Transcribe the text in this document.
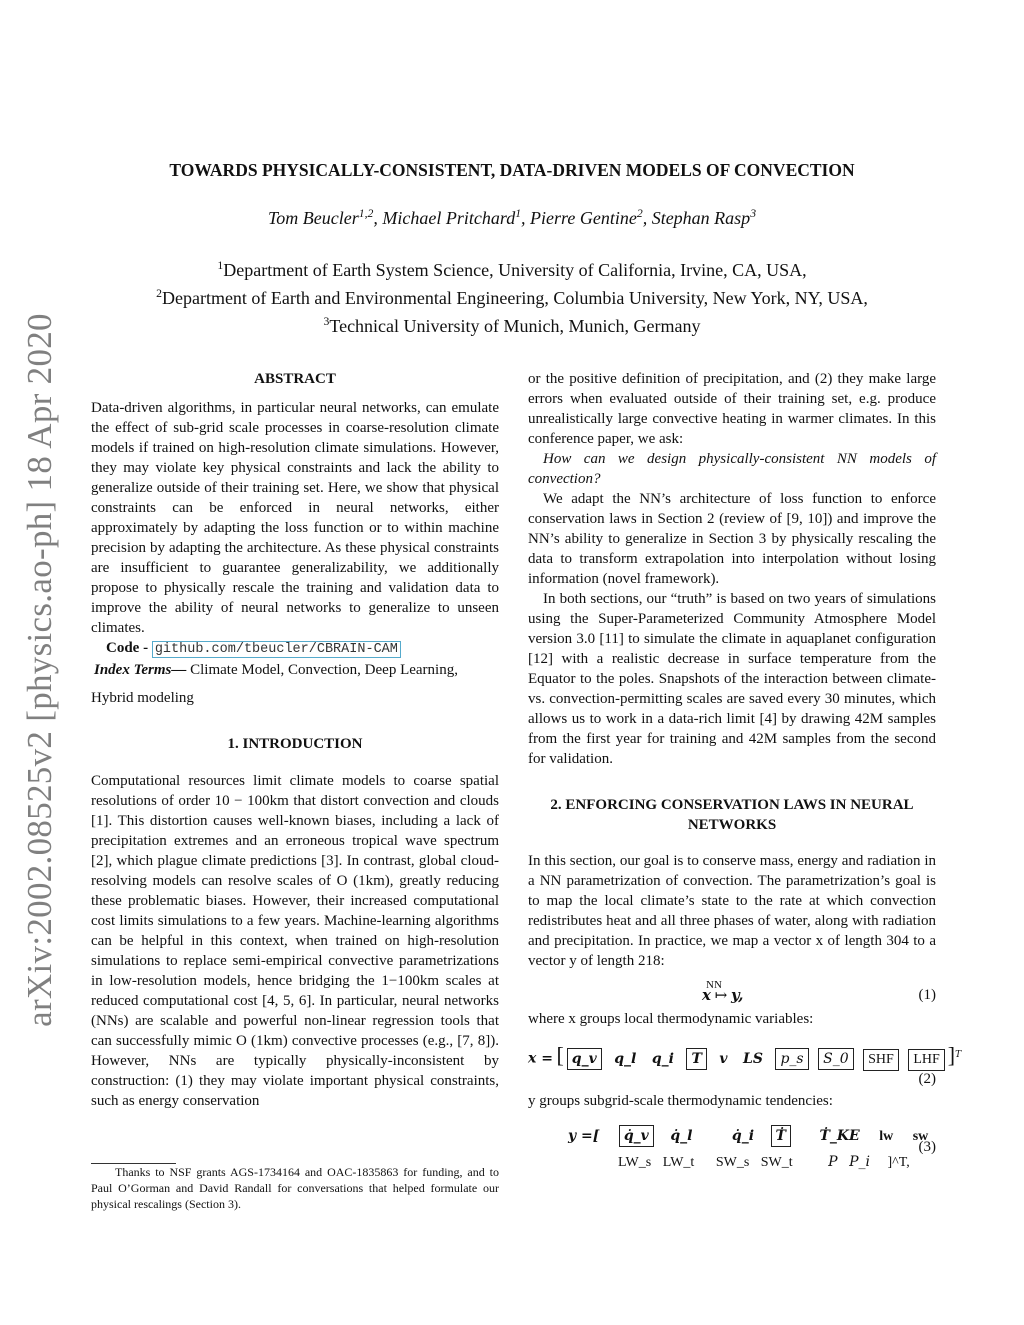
arXiv:2002.08525v2 [physics.ao-ph] 18 Apr 2020
TOWARDS PHYSICALLY-CONSISTENT, DATA-DRIVEN MODELS OF CONVECTION
Tom Beucler$^{1,2}$, Michael Pritchard$^1$, Pierre Gentine$^2$, Stephan Rasp$^3$
$^1$Department of Earth System Science, University of California, Irvine, CA, USA,
$^2$Department of Earth and Environmental Engineering, Columbia University, New York, NY, USA,
$^3$Technical University of Munich, Munich, Germany
ABSTRACT

Data-driven algorithms, in particular neural networks, can emulate the effect of sub-grid scale processes in coarse-resolution climate models if trained on high-resolution climate simulations. However, they may violate key physical constraints and lack the ability to generalize outside of their training set. Here, we show that physical constraints can be enforced in neural networks, either approximately by adapting the loss function or to within machine precision by adapting the architecture. As these physical constraints are insufficient to guarantee generalizability, we additionally propose to physically rescale the training and validation data to improve the ability of neural networks to generalize to unseen climates.

Code - github.com/tbeucler/CBRAIN-CAM

Index Terms— Climate Model, Convection, Deep Learning,

Hybrid modeling

1. INTRODUCTION

Computational resources limit climate models to coarse spatial resolutions of order 10 − 100km that distort convection and clouds [1]. This distortion causes well-known biases, including a lack of precipitation extremes and an erroneous tropical wave spectrum [2], which plague climate predictions [3]. In contrast, global cloud-resolving models can resolve scales of O (1km), greatly reducing these problematic biases. However, their increased computational cost limits simulations to a few years. Machine-learning algorithms can be helpful in this context, when trained on high-resolution simulations to replace semi-empirical convective parametrizations in low-resolution models, hence bridging the 1−100km scales at reduced computational cost [4, 5, 6]. In particular, neural networks (NNs) are scalable and powerful non-linear regression tools that can successfully mimic O (1km) convective processes (e.g., [7, 8]). However, NNs are typically physically-inconsistent by construction: (1) they may violate important physical constraints, such as energy conservation

Thanks to NSF grants AGS-1734164 and OAC-1835863 for funding, and to Paul O’Gorman and David Randall for conversations that helped formulate our physical rescalings (Section 3).

or the positive definition of precipitation, and (2) they make large errors when evaluated outside of their training set, e.g. produce unrealistically large convective heating in warmer climates. In this conference paper, we ask:

How can we design physically-consistent NN models of convection?

We adapt the NN’s architecture of loss function to enforce conservation laws in Section 2 (review of [9, 10]) and improve the NN’s ability to generalize in Section 3 by physically rescaling the data to transform extrapolation into interpolation without losing information (novel framework).

In both sections, our “truth” is based on two years of simulations using the Super-Parameterized Community Atmosphere Model version 3.0 [11] to simulate the climate in aquaplanet configuration [12] with a realistic decrease in surface temperature from the Equator to the poles. Snapshots of the interaction between climate- vs. convection-permitting scales are saved every 30 minutes, which allows us to work in a data-rich limit [4] by drawing 42M samples from the first year for training and 42M samples from the second for validation.

2. ENFORCING CONSERVATION LAWS IN NEURAL
NETWORKS

In this section, our goal is to conserve mass, energy and radiation in a NN parametrization of convection. The parametrization’s goal is to map the local climate’s state to the rate at which convection redistributes heat and all three phases of water, along with radiation and precipitation. In practice, we map a vector x of length 304 to a vector y of length 218:

NN
x ↦ y,	(1)

where x groups local thermodynamic variables:

x = [ q_v q_l q_i T v LS p_s S_0 SHF LHF ]$^T$
(2)

y groups subgrid-scale thermodynamic tendencies:

y =[ q̇_v q̇_l	q̇_i Ṫ Ṫ_KE lw sw
LW_s LW_t SW_s SW_t	P P_i ]^T,
(3)
